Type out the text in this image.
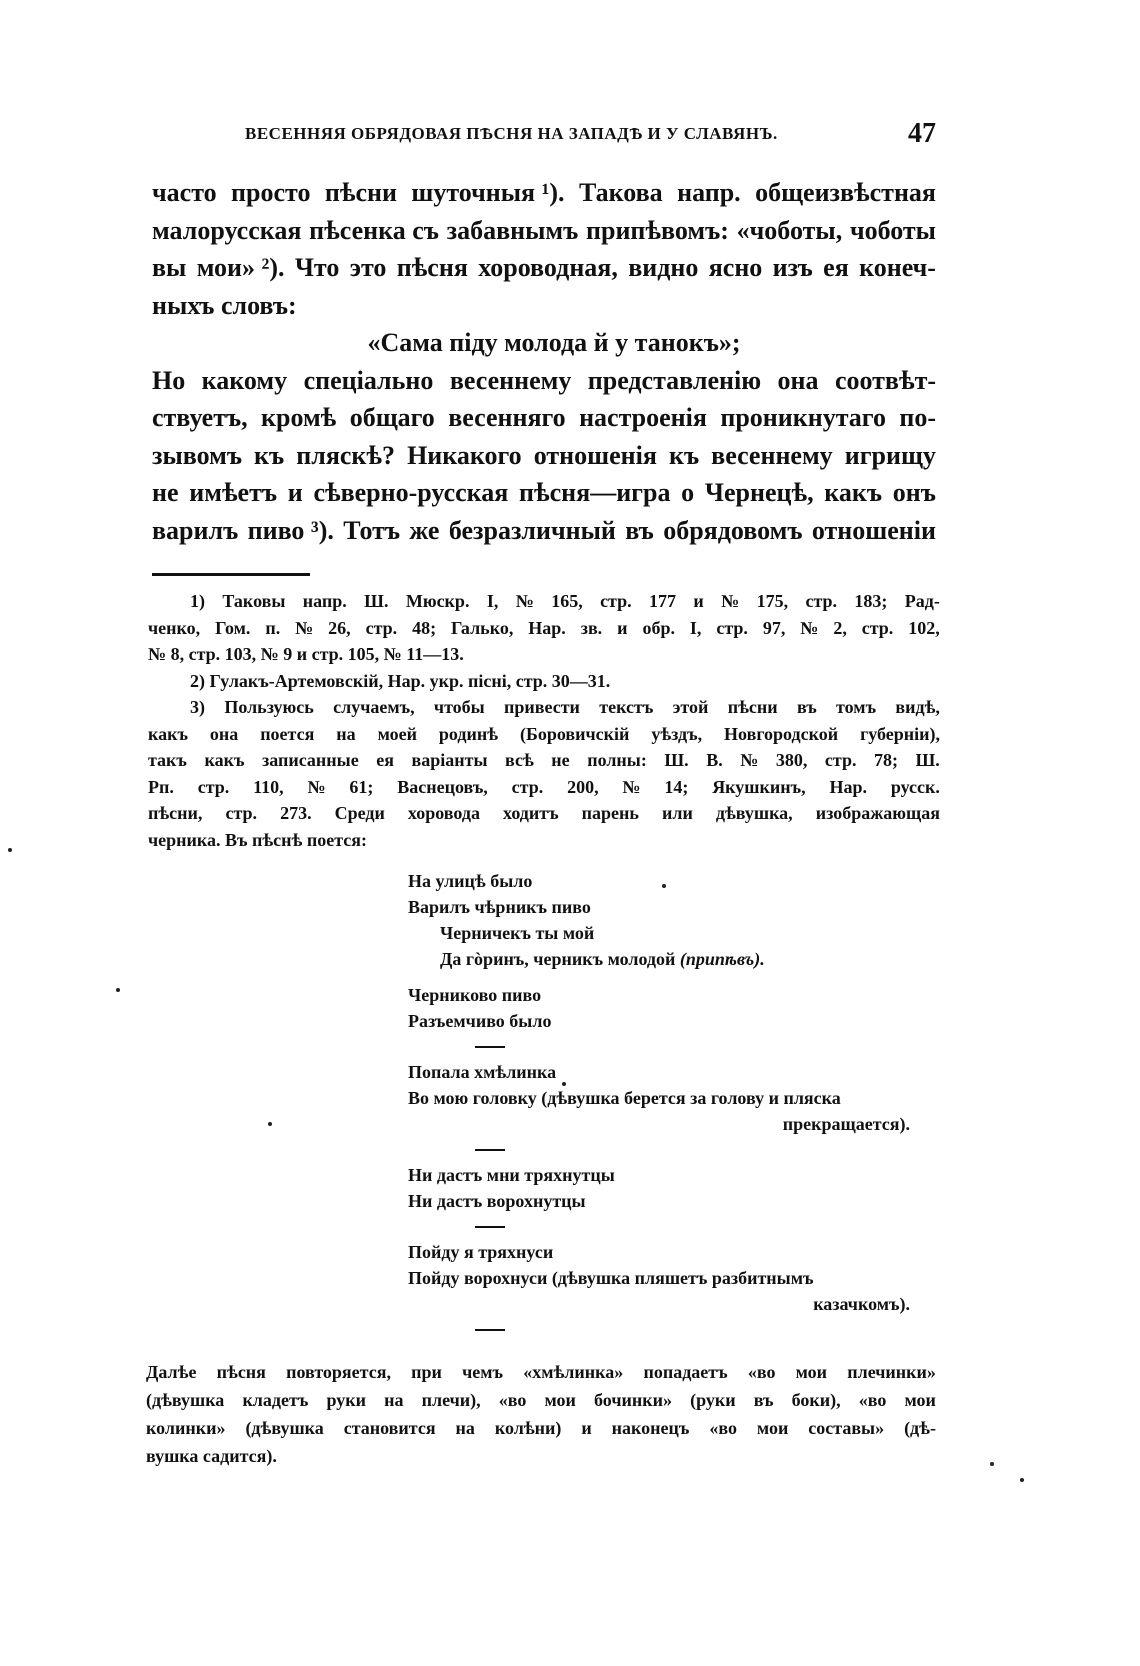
ВЕСЕННЯЯ ОБРЯДОВАЯ ПѢСНЯ НА ЗАПАДѢ И У СЛАВЯНЪ.	47
часто просто пѣсни шуточныя ¹). Такова напр. общеизвѣстная
малорусская пѣсенка съ забавнымъ припѣвомъ: «чоботы, чоботы
вы мои» ²). Что это пѣсня хороводная, видно ясно изъ ея конеч-
ныхъ словъ:
«Сама піду молода й у танокъ»;
Но какому спеціально весеннему представленію она соотвѣт-
ствуетъ, кромѣ общаго весенняго настроенія проникнутаго по-
зывомъ къ пляскѣ? Никакого отношенія къ весеннему игрищу
не имѣетъ и сѣверно-русская пѣсня—игра о Чернецѣ, какъ онъ
варилъ пиво ³). Тотъ же безразличный въ обрядовомъ отношеніи
1) Таковы напр. Ш. Мюскр. I, № 165, стр. 177 и № 175, стр. 183; Рад-
ченко, Гом. п. № 26, стр. 48; Галько, Нар. зв. и обр. I, стр. 97, № 2, стр. 102,
№ 8, стр. 103, № 9 и стр. 105, № 11—13.
2) Гулакъ-Артемовскій, Нар. укр. пісні, стр. 30—31.
3) Пользуюсь случаемъ, чтобы привести текстъ этой пѣсни въ томъ видѣ,
какъ она поется на моей родинѣ (Боровичскій уѣздъ, Новгородской губерніи),
такъ какъ записанные ея варіанты всѣ не полны: Ш. В. № 380, стр. 78; Ш.
Рп. стр. 110, № 61; Васнецовъ, стр. 200, № 14; Якушкинъ, Нар. русск.
пѣсни, стр. 273. Среди хоровода ходитъ парень или дѣвушка, изображающая
черника. Въ пѣснѣ поется:
На улицѣ было
Варилъ чѣрникъ пиво
Черничекъ ты мой
Да гòринъ, черникъ молодой (припѣвъ).
Черниково пиво
Разъемчиво было
Попала хмѣлинка
Во мою головку (дѣвушка берется за голову и пляска
прекращается).
Ни дастъ мни тряхнутцы
Ни дастъ ворохнутцы
Пойду я тряхнуси
Пойду ворохнуси (дѣвушка пляшетъ разбитнымъ
казачкомъ).
Далѣе пѣсня повторяется, при чемъ «хмѣлинка» попадаетъ «во мои плечинки»
(дѣвушка кладетъ руки на плечи), «во мои бочинки» (руки въ боки), «во мои
колинки» (дѣвушка становится на колѣни) и наконецъ «во мои составы» (дѣ-
вушка садится).
